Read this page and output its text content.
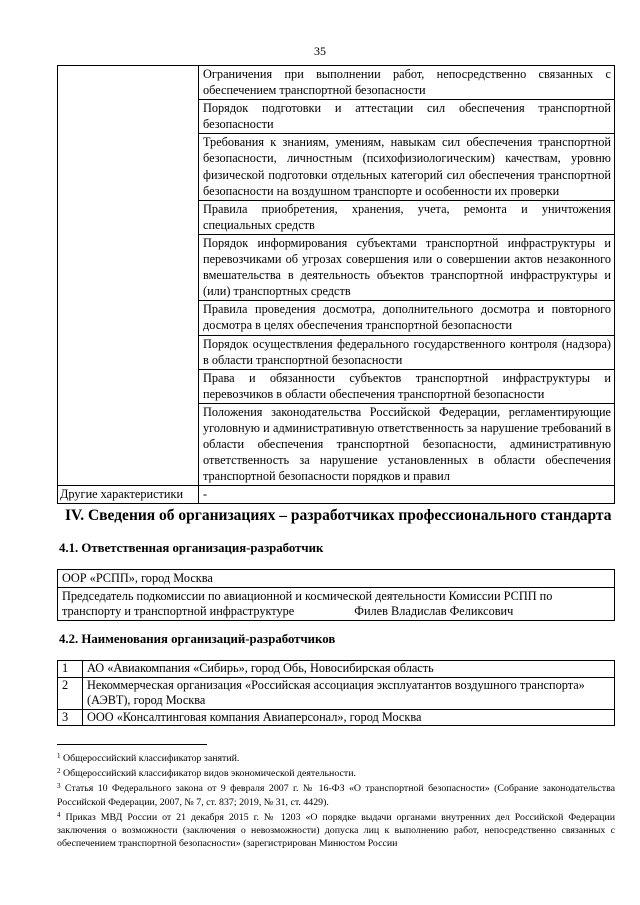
35
	Ограничения при выполнении работ, непосредственно связанных с обеспечением транспортной безопасности
	Порядок подготовки и аттестации сил обеспечения транспортной безопасности
	Требования к знаниям, умениям, навыкам сил обеспечения транспортной безопасности, личностным (психофизиологическим) качествам, уровню физической подготовки отдельных категорий сил обеспечения транспортной безопасности на воздушном транспорте и особенности их проверки
	Правила приобретения, хранения, учета, ремонта и уничтожения специальных средств
	Порядок информирования субъектами транспортной инфраструктуры и перевозчиками об угрозах совершения или о совершении актов незаконного вмешательства в деятельность объектов транспортной инфраструктуры и (или) транспортных средств
	Правила проведения досмотра, дополнительного досмотра и повторного досмотра в целях обеспечения транспортной безопасности
	Порядок осуществления федерального государственного контроля (надзора) в области транспортной безопасности
	Права и обязанности субъектов транспортной инфраструктуры и перевозчиков в области обеспечения транспортной безопасности
	Положения законодательства Российской Федерации, регламентирующие уголовную и административную ответственность за нарушение требований в области обеспечения транспортной безопасности, административную ответственность за нарушение установленных в области обеспечения транспортной безопасности порядков и правил
Другие характеристики	-
IV. Сведения об организациях – разработчиках профессионального стандарта
4.1. Ответственная организация-разработчик
ООР «РСПП», город Москва
Председатель подкомиссии по авиационной и космической деятельности Комиссии РСПП по транспорту и транспортной инфраструктуре	Филев Владислав Феликсович
4.2. Наименования организаций-разработчиков
1	АО «Авиакомпания «Сибирь», город Обь, Новосибирская область
2	Некоммерческая организация «Российская ассоциация эксплуатантов воздушного транспорта» (АЭВТ), город Москва
3	ООО «Консалтинговая компания Авиаперсонал», город Москва

$^1$ Общероссийский классификатор занятий.

$^2$ Общероссийский классификатор видов экономической деятельности.

$^3$ Статья 10 Федерального закона от 9 февраля 2007 г. № 16-ФЗ «О транспортной безопасности» (Собрание законодательства Российской Федерации, 2007, № 7, ст. 837; 2019, № 31, ст. 4429).

$^4$ Приказ МВД России от 21 декабря 2015 г. № 1203 «О порядке выдачи органами внутренних дел Российской Федерации заключения о возможности (заключения о невозможности) допуска лиц к выполнению работ, непосредственно связанных с обеспечением транспортной безопасности» (зарегистрирован Минюстом России
